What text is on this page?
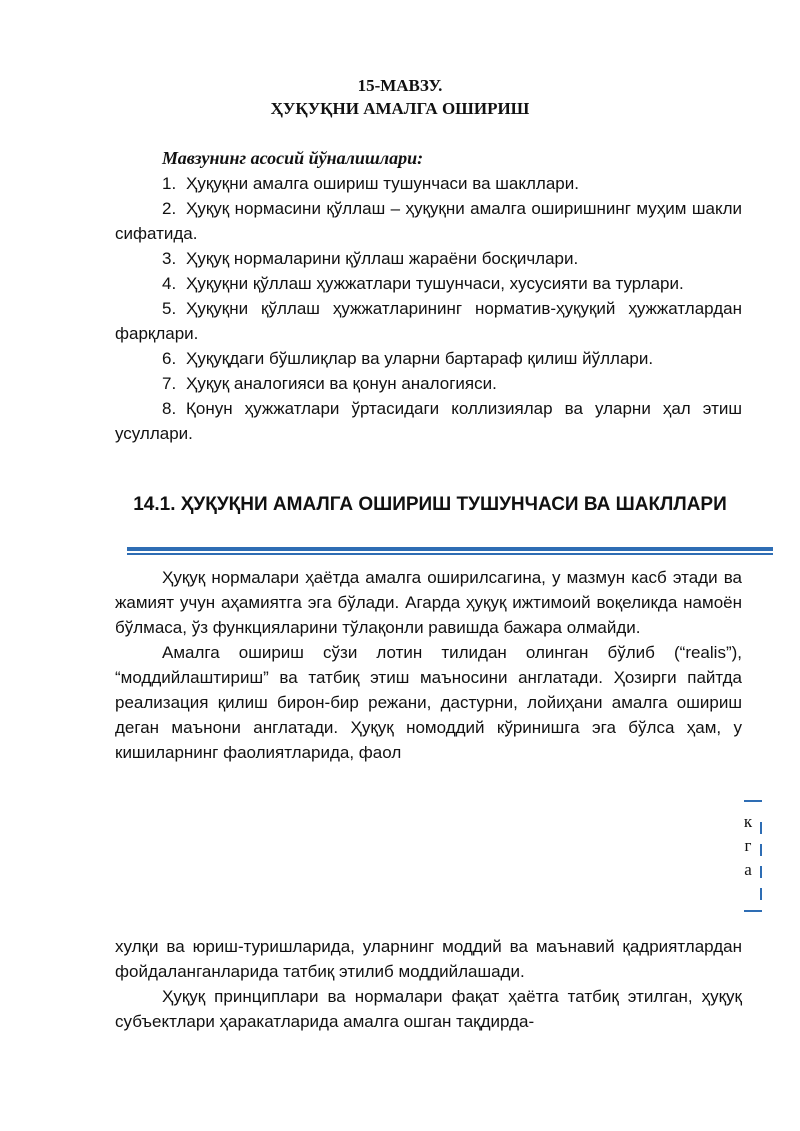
15-МАВЗУ.
ҲУҚУҚНИ АМАЛГА ОШИРИШ

Мавзунинг асосий йўналишлари:

1. Ҳуқуқни амалга ошириш тушунчаси ва шакллари.

2. Ҳуқуқ нормасини қўллаш – ҳуқуқни амалга оширишнинг муҳим шакли сифатида.

3. Ҳуқуқ нормаларини қўллаш жараёни босқичлари.

4. Ҳуқуқни қўллаш ҳужжатлари тушунчаси, хусусияти ва турлари.

5. Ҳуқуқни қўллаш ҳужжатларининг норматив-ҳуқуқий ҳужжатлардан фарқлари.

6. Ҳуқуқдаги бўшлиқлар ва уларни бартараф қилиш йўллари.

7. Ҳуқуқ аналогияси ва қонун аналогияси.

8. Қонун ҳужжатлари ўртасидаги коллизиялар ва уларни ҳал этиш усуллари.

14.1. ҲУҚУҚНИ АМАЛГА ОШИРИШ ТУШУНЧАСИ ВА ШАКЛЛАРИ

Ҳуқуқ нормалари ҳаётда амалга оширилсагина, у мазмун касб этади ва жамият учун аҳамиятга эга бўлади. Агарда ҳуқуқ ижтимоий воқеликда намоён бўлмаса, ўз функцияларини тўлақонли равишда бажара олмайди.

Амалга ошириш сўзи лотин тилидан олинган бўлиб (“realis”), “моддийлаштириш” ва татбиқ этиш маъносини англатади. Ҳозирги пайтда реализация қилиш бирон-бир режани, дастурни, лойиҳани амалга ошириш деган маънони англатади. Ҳуқуқ номоддий кўринишга эга бўлса ҳам, у кишиларнинг фаолиятларида, фаол

к
г
а

хулқи ва юриш-туришларида, уларнинг моддий ва маънавий қадриятлардан фойдаланганларида татбиқ этилиб моддийлашади.

Ҳуқуқ принциплари ва нормалари фақат ҳаётга татбиқ этилган, ҳуқуқ субъектлари ҳаракатларида амалга ошган тақдирда-
